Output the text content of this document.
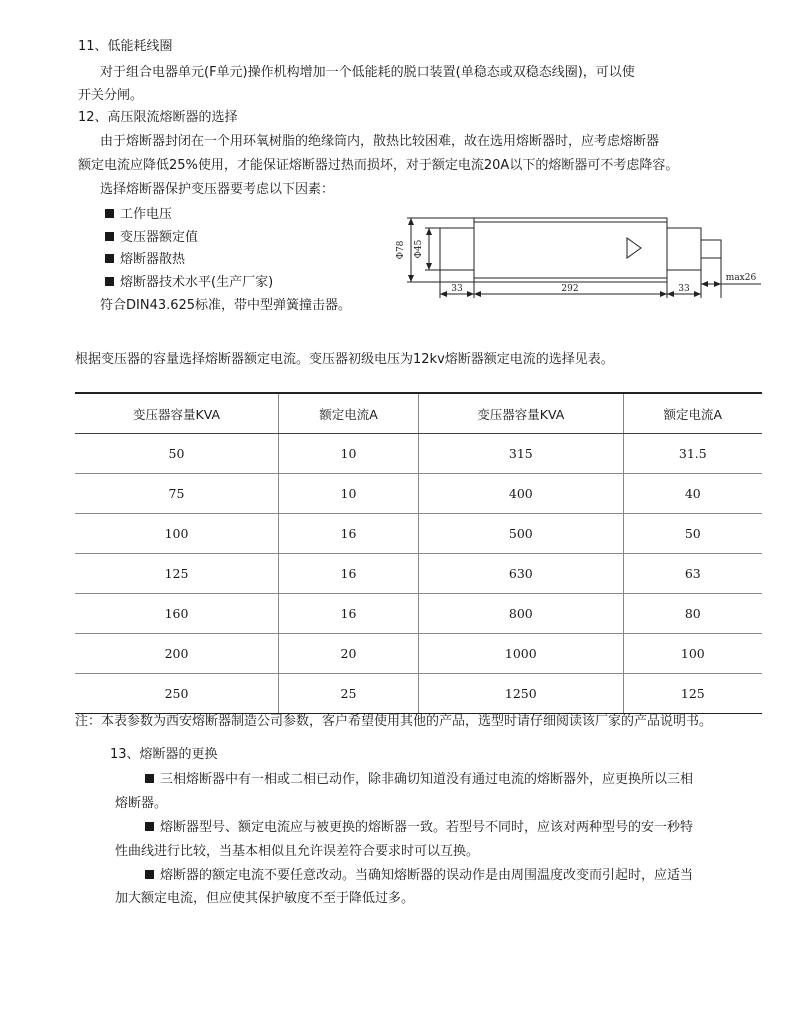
11、低能耗线圈
对于组合电器单元(F单元)操作机构增加一个低能耗的脱口装置(单稳态或双稳态线圈)，可以使
开关分闸。
12、高压限流熔断器的选择
由于熔断器封闭在一个用环氧树脂的绝缘筒内，散热比较困难，故在选用熔断器时，应考虑熔断器
额定电流应降低25%使用，才能保证熔断器过热而损坏，对于额定电流20A以下的熔断器可不考虑降容。
选择熔断器保护变压器要考虑以下因素：
工作电压
变压器额定值
熔断器散热
熔断器技术水平(生产厂家)
符合DIN43.625标准，带中型弹簧撞击器。
Φ78 Φ45
33	292	33
max26
根据变压器的容量选择熔断器额定电流。变压器初级电压为12kv熔断器额定电流的选择见表。
变压器容量KVA	额定电流A	变压器容量KVA	额定电流A
50	10	315	31.5
75	10	400	40
100	16	500	50
125	16	630	63
160	16	800	80
200	20	1000	100
250	25	1250	125
注：本表参数为西安熔断器制造公司参数，客户希望使用其他的产品，选型时请仔细阅读该厂家的产品说明书。
13、熔断器的更换
三相熔断器中有一相或二相已动作，除非确切知道没有通过电流的熔断器外，应更换所以三相
熔断器。
熔断器型号、额定电流应与被更换的熔断器一致。若型号不同时，应该对两种型号的安一秒特
性曲线进行比较，当基本相似且允许误差符合要求时可以互换。
熔断器的额定电流不要任意改动。当确知熔断器的误动作是由周围温度改变而引起时，应适当
加大额定电流，但应使其保护敏度不至于降低过多。
